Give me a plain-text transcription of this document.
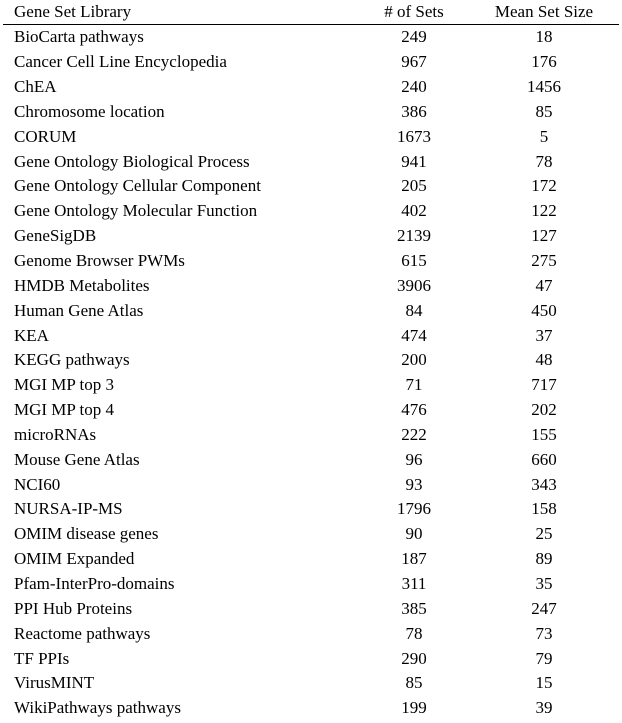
Gene Set Library	# of Sets	Mean Set Size
BioCarta pathways	249	18
Cancer Cell Line Encyclopedia	967	176
ChEA	240	1456
Chromosome location	386	85
CORUM	1673	5
Gene Ontology Biological Process	941	78
Gene Ontology Cellular Component	205	172
Gene Ontology Molecular Function	402	122
GeneSigDB	2139	127
Genome Browser PWMs	615	275
HMDB Metabolites	3906	47
Human Gene Atlas	84	450
KEA	474	37
KEGG pathways	200	48
MGI MP top 3	71	717
MGI MP top 4	476	202
microRNAs	222	155
Mouse Gene Atlas	96	660
NCI60	93	343
NURSA-IP-MS	1796	158
OMIM disease genes	90	25
OMIM Expanded	187	89
Pfam-InterPro-domains	311	35
PPI Hub Proteins	385	247
Reactome pathways	78	73
TF PPIs	290	79
VirusMINT	85	15
WikiPathways pathways	199	39
